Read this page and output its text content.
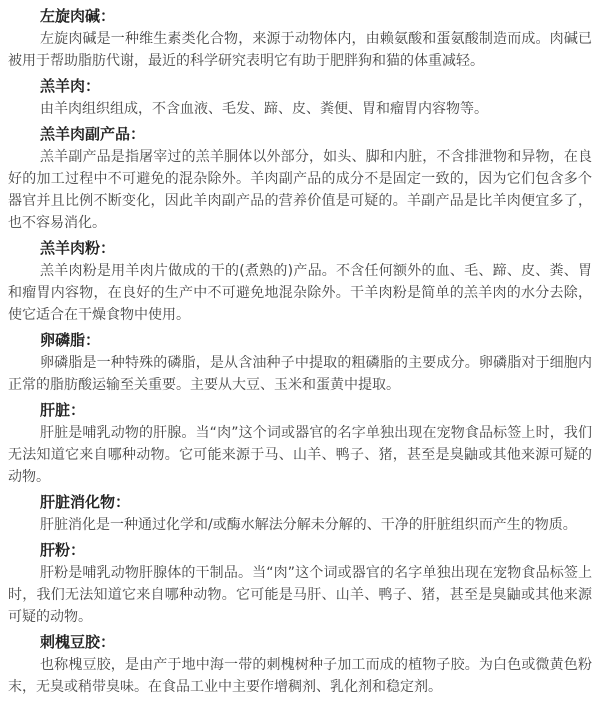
左旋肉碱：

左旋肉碱是一种维生素类化合物，来源于动物体内，由赖氨酸和蛋氨酸制造而成。肉碱已被用于帮助脂肪代谢，最近的科学研究表明它有助于肥胖狗和猫的体重减轻。

羔羊肉：

由羊肉组织组成，不含血液、毛发、蹄、皮、粪便、胃和瘤胃内容物等。

羔羊肉副产品：

羔羊副产品是指屠宰过的羔羊胴体以外部分，如头、脚和内脏，不含排泄物和异物，在良好的加工过程中不可避免的混杂除外。羊肉副产品的成分不是固定一致的，因为它们包含多个器官并且比例不断变化，因此羊肉副产品的营养价值是可疑的。羊副产品是比羊肉便宜多了，也不容易消化。

羔羊肉粉：

羔羊肉粉是用羊肉片做成的干的(煮熟的)产品。不含任何额外的血、毛、蹄、皮、粪、胃和瘤胃内容物，在良好的生产中不可避免地混杂除外。干羊肉粉是简单的羔羊肉的水分去除，使它适合在干燥食物中使用。

卵磷脂：

卵磷脂是一种特殊的磷脂，是从含油种子中提取的粗磷脂的主要成分。卵磷脂对于细胞内正常的脂肪酸运输至关重要。主要从大豆、玉米和蛋黄中提取。

肝脏：

肝脏是哺乳动物的肝腺。当“肉”这个词或器官的名字单独出现在宠物食品标签上时，我们无法知道它来自哪种动物。它可能来源于马、山羊、鸭子、猪，甚至是臭鼬或其他来源可疑的动物。

肝脏消化物：

肝脏消化是一种通过化学和/或酶水解法分解未分解的、干净的肝脏组织而产生的物质。

肝粉：

肝粉是哺乳动物肝腺体的干制品。当“肉”这个词或器官的名字单独出现在宠物食品标签上时，我们无法知道它来自哪种动物。它可能是马肝、山羊、鸭子、猪，甚至是臭鼬或其他来源可疑的动物。

刺槐豆胶：

也称槐豆胶，是由产于地中海一带的刺槐树种子加工而成的植物子胶。为白色或微黄色粉末，无臭或稍带臭味。在食品工业中主要作增稠剂、乳化剂和稳定剂。
